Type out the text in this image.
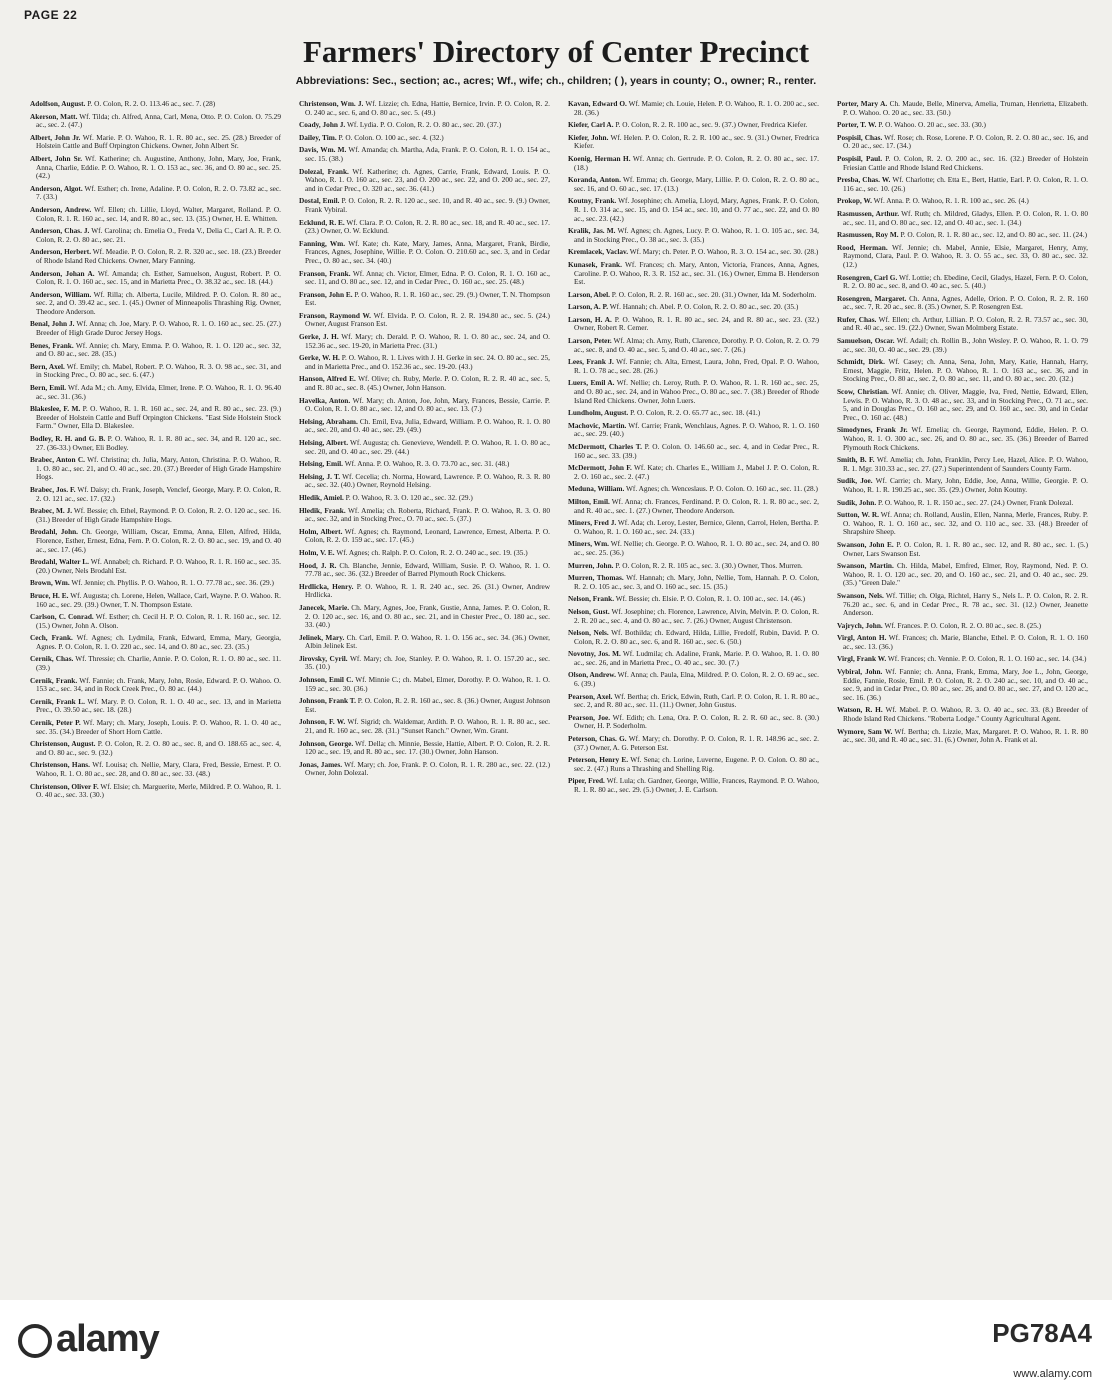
PAGE 22
Farmers' Directory of Center Precinct
Abbreviations: Sec., section; ac., acres; Wf., wife; ch., children; ( ), years in county; O., owner; R., renter.

Adolfson, August. P. O. Colon, R. 2. O. 113.46 ac., sec. 7. (28)

Akerson, Matt. Wf. Tilda; ch. Alfred, Anna, Carl, Mena, Otto. P. O. Colon. O. 75.29 ac., sec. 2. (47.)

Albert, John Jr. Wf. Marie. P. O. Wahoo, R. 1. R. 80 ac., sec. 25. (28.) Breeder of Holstein Cattle and Buff Orpington Chickens. Owner, John Albert Sr.

Albert, John Sr. Wf. Katherine; ch. Augustine, Anthony, John, Mary, Joe, Frank, Anna, Charlie, Eddie. P. O. Wahoo, R. 1. O. 153 ac., sec. 36, and O. 80 ac., sec. 25. (42.)

Anderson, Algot. Wf. Esther; ch. Irene, Adaline. P. O. Colon, R. 2. O. 73.82 ac., sec. 7. (33.)

Anderson, Andrew. Wf. Ellen; ch. Lillie, Lloyd, Walter, Margaret, Rolland. P. O. Colon, R. 1. R. 160 ac., sec. 14, and R. 80 ac., sec. 13. (35.) Owner, H. E. Whitten.

Anderson, Chas. J. Wf. Carolina; ch. Emelia O., Freda V., Delia C., Carl A. R. P. O. Colon, R. 2. O. 80 ac., sec. 21.

Anderson, Herbert. Wf. Meadie. P. O. Colon, R. 2. R. 320 ac., sec. 18. (23.) Breeder of Rhode Island Red Chickens. Owner, Mary Fanning.

Anderson, Johan A. Wf. Amanda; ch. Esther, Samuelson, August, Robert. P. O. Colon, R. 1. O. 160 ac., sec. 15, and in Marietta Prec., O. 38.32 ac., sec. 18. (44.)

Anderson, William. Wf. Rilla; ch. Alberta, Lucile, Mildred. P. O. Colon. R. 80 ac., sec. 2, and O. 39.42 ac., sec. 1. (45.) Owner of Minneapolis Thrashing Rig. Owner, Theodore Anderson.

Benal, John J. Wf. Anna; ch. Joe, Mary. P. O. Wahoo, R. 1. O. 160 ac., sec. 25. (27.) Breeder of High Grade Duroc Jersey Hogs.

Benes, Frank. Wf. Annie; ch. Mary, Emma. P. O. Wahoo, R. 1. O. 120 ac., sec. 32, and O. 80 ac., sec. 28. (35.)

Bern, Axel. Wf. Emily; ch. Mabel, Robert. P. O. Wahoo, R. 3. O. 98 ac., sec. 31, and in Stocking Prec., O. 80 ac., sec. 6. (47.)

Bern, Emil. Wf. Ada M.; ch. Amy, Elvida, Elmer, Irene. P. O. Wahoo, R. 1. O. 96.40 ac., sec. 31. (36.)

Blakeslee, F. M. P. O. Wahoo, R. 1. R. 160 ac., sec. 24, and R. 80 ac., sec. 23. (9.) Breeder of Holstein Cattle and Buff Orpington Chickens. "East Side Holstein Stock Farm." Owner, Ella D. Blakeslee.

Bodley, R. H. and G. B. P. O. Wahoo, R. 1. R. 80 ac., sec. 34, and R. 120 ac., sec. 27. (36-33.) Owner, Eli Bodley.

Brabec, Anton C. Wf. Christina; ch. Julia, Mary, Anton, Christina. P. O. Wahoo, R. 1. O. 80 ac., sec. 21, and O. 40 ac., sec. 20. (37.) Breeder of High Grade Hampshire Hogs.

Brabec, Jos. F. Wf. Daisy; ch. Frank, Joseph, Venclef, George, Mary. P. O. Colon, R. 2. O. 121 ac., sec. 17. (32.)

Brabec, M. J. Wf. Bessie; ch. Ethel, Raymond. P. O. Colon, R. 2. O. 120 ac., sec. 16. (31.) Breeder of High Grade Hampshire Hogs.

Brodahl, John. Ch. George, William, Oscar, Emma, Anna, Ellen, Alfred, Hilda, Florence, Esther, Ernest, Edna, Fern. P. O. Colon, R. 2. O. 80 ac., sec. 19, and O. 40 ac., sec. 17. (46.)

Brodahl, Walter L. Wf. Annabel; ch. Richard. P. O. Wahoo, R. 1. R. 160 ac., sec. 35. (20.) Owner, Nels Brodahl Est.

Brown, Wm. Wf. Jennie; ch. Phyllis. P. O. Wahoo, R. 1. O. 77.78 ac., sec. 36. (29.)

Bruce, H. E. Wf. Augusta; ch. Lorene, Helen, Wallace, Carl, Wayne. P. O. Wahoo. R. 160 ac., sec. 29. (39.) Owner, T. N. Thompson Estate.

Carlson, C. Conrad. Wf. Esther; ch. Cecil H. P. O. Colon, R. 1. R. 160 ac., sec. 12. (15.) Owner, John A. Olson.

Cech, Frank. Wf. Agnes; ch. Lydmila, Frank, Edward, Emma, Mary, Georgia, Agnes. P. O. Colon, R. 1. O. 220 ac., sec. 14, and O. 80 ac., sec. 23. (35.)

Cernik, Chas. Wf. Thressie; ch. Charlie, Annie. P. O. Colon, R. 1. O. 80 ac., sec. 11. (39.)

Cernik, Frank. Wf. Fannie; ch. Frank, Mary, John, Rosie, Edward. P. O. Wahoo. O. 153 ac., sec. 34, and in Rock Creek Prec., O. 80 ac. (44.)

Cernik, Frank L. Wf. Mary. P. O. Colon, R. 1. O. 40 ac., sec. 13, and in Marietta Prec., O. 39.50 ac., sec. 18. (28.)

Cernik, Peter P. Wf. Mary; ch. Mary, Joseph, Louis. P. O. Wahoo, R. 1. O. 40 ac., sec. 35. (34.) Breeder of Short Horn Cattle.

Christenson, August. P. O. Colon, R. 2. O. 80 ac., sec. 8, and O. 188.65 ac., sec. 4, and O. 80 ac., sec. 9. (32.)

Christenson, Hans. Wf. Louisa; ch. Nellie, Mary, Clara, Fred, Bessie, Ernest. P. O. Wahoo, R. 1. O. 80 ac., sec. 28, and O. 80 ac., sec. 33. (48.)

Christenson, Oliver F. Wf. Elsie; ch. Marguerite, Merle, Mildred. P. O. Wahoo, R. 1. O. 40 ac., sec. 33. (30.)

Christenson, Wm. J. Wf. Lizzie; ch. Edna, Hattie, Bernice, Irvin. P. O. Colon, R. 2. O. 240 ac., sec. 6, and O. 80 ac., sec. 5. (49.)

Coady, John J. Wf. Lydia. P. O. Colon, R. 2. O. 80 ac., sec. 20. (37.)

Dailey, Tim. P. O. Colon. O. 100 ac., sec. 4. (32.)

Davis, Wm. M. Wf. Amanda; ch. Martha, Ada, Frank. P. O. Colon, R. 1. O. 154 ac., sec. 15. (38.)

Dolezal, Frank. Wf. Katherine; ch. Agnes, Carrie, Frank, Edward, Louis. P. O. Wahoo, R. 1. O. 160 ac., sec. 23, and O. 200 ac., sec. 22, and O. 200 ac., sec. 27, and in Cedar Prec., O. 320 ac., sec. 36. (41.)

Dostal, Emil. P. O. Colon, R. 2. R. 120 ac., sec. 10, and R. 40 ac., sec. 9. (9.) Owner, Frank Vybiral.

Ecklund, R. E. Wf. Clara. P. O. Colon, R. 2. R. 80 ac., sec. 18, and R. 40 ac., sec. 17. (23.) Owner, O. W. Ecklund.

Fanning, Wm. Wf. Kate; ch. Kate, Mary, James, Anna, Margaret, Frank, Birdie, Frances, Agnes, Josephine, Willie. P. O. Colon. O. 210.60 ac., sec. 3, and in Cedar Prec., O. 80 ac., sec. 34. (40.)

Franson, Frank. Wf. Anna; ch. Victor, Elmer, Edna. P. O. Colon, R. 1. O. 160 ac., sec. 11, and O. 80 ac., sec. 12, and in Cedar Prec., O. 160 ac., sec. 25. (48.)

Franson, John E. P. O. Wahoo, R. 1. R. 160 ac., sec. 29. (9.) Owner, T. N. Thompson Est.

Franson, Raymond W. Wf. Elvida. P. O. Colon, R. 2. R. 194.80 ac., sec. 5. (24.) Owner, August Franson Est.

Gerke, J. H. Wf. Mary; ch. Derald. P. O. Wahoo, R. 1. O. 80 ac., sec. 24, and O. 152.36 ac., sec. 19-20, in Marietta Prec. (31.)

Gerke, W. H. P. O. Wahoo, R. 1. Lives with J. H. Gerke in sec. 24. O. 80 ac., sec. 25, and in Marietta Prec., and O. 152.36 ac., sec. 19-20. (43.)

Hanson, Alfred E. Wf. Olive; ch. Ruby, Merle. P. O. Colon, R. 2. R. 40 ac., sec. 5, and R. 80 ac., sec. 8. (45.) Owner, John Hanson.

Havelka, Anton. Wf. Mary; ch. Anton, Joe, John, Mary, Frances, Bessie, Carrie. P. O. Colon, R. 1. O. 80 ac., sec. 12, and O. 80 ac., sec. 13. (7.)

Helsing, Abraham. Ch. Emil, Eva, Julia, Edward, William. P. O. Wahoo, R. 1. O. 80 ac., sec. 20, and O. 40 ac., sec. 29. (49.)

Helsing, Albert. Wf. Augusta; ch. Genevieve, Wendell. P. O. Wahoo, R. 1. O. 80 ac., sec. 20, and O. 40 ac., sec. 29. (44.)

Helsing, Emil. Wf. Anna. P. O. Wahoo, R. 3. O. 73.70 ac., sec. 31. (48.)

Helsing, J. T. Wf. Cecelia; ch. Norma, Howard, Lawrence. P. O. Wahoo, R. 3. R. 80 ac., sec. 32. (40.) Owner, Reynold Helsing.

Hledik, Amiel. P. O. Wahoo, R. 3. O. 120 ac., sec. 32. (29.)

Hledik, Frank. Wf. Amelia; ch. Roberta, Richard, Frank. P. O. Wahoo, R. 3. O. 80 ac., sec. 32, and in Stocking Prec., O. 70 ac., sec. 5. (37.)

Holm, Albert. Wf. Agnes; ch. Raymond, Leonard, Lawrence, Ernest, Alberta. P. O. Colon, R. 2. O. 159 ac., sec. 17. (45.)

Holm, V. E. Wf. Agnes; ch. Ralph. P. O. Colon, R. 2. O. 240 ac., sec. 19. (35.)

Hood, J. R. Ch. Blanche, Jennie, Edward, William, Susie. P. O. Wahoo, R. 1. O. 77.78 ac., sec. 36. (32.) Breeder of Barred Plymouth Rock Chickens.

Hrdlicka, Henry. P. O. Wahoo, R. 1. R. 240 ac., sec. 26. (31.) Owner, Andrew Hrdlicka.

Janecek, Marie. Ch. Mary, Agnes, Joe, Frank, Gustie, Anna, James. P. O. Colon, R. 2. O. 120 ac., sec. 16, and O. 80 ac., sec. 21, and in Chester Prec., O. 180 ac., sec. 33. (40.)

Jelinek, Mary. Ch. Carl, Emil. P. O. Wahoo, R. 1. O. 156 ac., sec. 34. (36.) Owner, Albin Jelinek Est.

Jirovsky, Cyril. Wf. Mary; ch. Joe, Stanley. P. O. Wahoo, R. 1. O. 157.20 ac., sec. 35. (10.)

Johnson, Emil C. Wf. Minnie C.; ch. Mabel, Elmer, Dorothy. P. O. Wahoo, R. 1. O. 159 ac., sec. 30. (36.)

Johnson, Frank T. P. O. Colon, R. 2. R. 160 ac., sec. 8. (36.) Owner, August Johnson Est.

Johnson, F. W. Wf. Sigrid; ch. Waldemar, Ardith. P. O. Wahoo, R. 1. R. 80 ac., sec. 21, and R. 160 ac., sec. 28. (31.) "Sunset Ranch." Owner, Wm. Grant.

Johnson, George. Wf. Della; ch. Minnie, Bessie, Hattie, Albert. P. O. Colon, R. 2. R. 120 ac., sec. 19, and R. 80 ac., sec. 17. (30.) Owner, John Hanson.

Jonas, James. Wf. Mary; ch. Joe, Frank. P. O. Colon, R. 1. R. 280 ac., sec. 22. (12.) Owner, John Dolezal.

Kavan, Edward O. Wf. Mamie; ch. Louie, Helen. P. O. Wahoo, R. 1. O. 200 ac., sec. 28. (36.)

Kiefer, Carl A. P. O. Colon, R. 2. R. 100 ac., sec. 9. (37.) Owner, Fredrica Kiefer.

Kiefer, John. Wf. Helen. P. O. Colon, R. 2. R. 100 ac., sec. 9. (31.) Owner, Fredrica Kiefer.

Koenig, Herman H. Wf. Anna; ch. Gertrude. P. O. Colon, R. 2. O. 80 ac., sec. 17. (18.)

Koranda, Anton. Wf. Emma; ch. George, Mary, Lillie. P. O. Colon, R. 2. O. 80 ac., sec. 16, and O. 60 ac., sec. 17. (13.)

Koutny, Frank. Wf. Josephine; ch. Amelia, Lloyd, Mary, Agnes, Frank. P. O. Colon, R. 1. O. 314 ac., sec. 15, and O. 154 ac., sec. 10, and O. 77 ac., sec. 22, and O. 80 ac., sec. 23. (42.)

Kralik, Jas. M. Wf. Agnes; ch. Agnes, Lucy. P. O. Wahoo, R. 1. O. 105 ac., sec. 34, and in Stocking Prec., O. 38 ac., sec. 3. (35.)

Kremlacek, Vaclav. Wf. Mary; ch. Peter. P. O. Wahoo, R. 3. O. 154 ac., sec. 30. (28.)

Kunasek, Frank. Wf. Frances; ch. Mary, Anton, Victoria, Frances, Anna, Agnes, Caroline. P. O. Wahoo, R. 3. R. 152 ac., sec. 31. (16.) Owner, Emma B. Henderson Est.

Larson, Abel. P. O. Colon, R. 2. R. 160 ac., sec. 20. (31.) Owner, Ida M. Soderholm.

Larson, A. P. Wf. Hannah; ch. Abel. P. O. Colon, R. 2. O. 80 ac., sec. 20. (35.)

Larson, H. A. P. O. Wahoo, R. 1. R. 80 ac., sec. 24, and R. 80 ac., sec. 23. (32.) Owner, Robert R. Cemer.

Larson, Peter. Wf. Alma; ch. Amy, Ruth, Clarence, Dorothy. P. O. Colon, R. 2. O. 79 ac., sec. 8, and O. 40 ac., sec. 5, and O. 40 ac., sec. 7. (26.)

Lees, Frank J. Wf. Fannie; ch. Alta, Ernest, Laura, John, Fred, Opal. P. O. Wahoo, R. 1. O. 78 ac., sec. 28. (26.)

Luers, Emil A. Wf. Nellie; ch. Leroy, Ruth. P. O. Wahoo, R. 1. R. 160 ac., sec. 25, and O. 80 ac., sec. 24, and in Wahoo Prec., O. 80 ac., sec. 7. (38.) Breeder of Rhode Island Red Chickens. Owner, John Luers.

Lundholm, August. P. O. Colon, R. 2. O. 65.77 ac., sec. 18. (41.)

Machovic, Martin. Wf. Carrie; Frank, Wenchlaus, Agnes. P. O. Wahoo, R. 1. O. 160 ac., sec. 29. (40.)

McDermott, Charles T. P. O. Colon. O. 146.60 ac., sec. 4, and in Cedar Prec., R. 160 ac., sec. 33. (39.)

McDermott, John F. Wf. Kate; ch. Charles E., William J., Mabel J. P. O. Colon, R. 2. O. 160 ac., sec. 2. (47.)

Meduna, William. Wf. Agnes; ch. Wenceslaus. P. O. Colon. O. 160 ac., sec. 11. (28.)

Milton, Emil. Wf. Anna; ch. Frances, Ferdinand. P. O. Colon, R. 1. R. 80 ac., sec. 2, and R. 40 ac., sec. 1. (27.) Owner, Theodore Anderson.

Miners, Fred J. Wf. Ada; ch. Leroy, Lester, Bernice, Glenn, Carrol, Helen, Bertha. P. O. Wahoo, R. 1. O. 160 ac., sec. 24. (33.)

Miners, Wm. Wf. Nellie; ch. George. P. O. Wahoo, R. 1. O. 80 ac., sec. 24, and O. 80 ac., sec. 25. (36.)

Murren, John. P. O. Colon, R. 2. R. 105 ac., sec. 3. (30.) Owner, Thos. Murren.

Murren, Thomas. Wf. Hannah; ch. Mary, John, Nellie, Tom, Hannah. P. O. Colon, R. 2. O. 105 ac., sec. 3, and O. 160 ac., sec. 15. (35.)

Nelson, Frank. Wf. Bessie; ch. Elsie. P. O. Colon, R. 1. O. 100 ac., sec. 14. (46.)

Nelson, Gust. Wf. Josephine; ch. Florence, Lawrence, Alvin, Melvin. P. O. Colon, R. 2. R. 20 ac., sec. 4, and O. 80 ac., sec. 7. (26.) Owner, August Christenson.

Nelson, Nels. Wf. Bothilda; ch. Edward, Hilda, Lillie, Fredolf, Rubin, David. P. O. Colon, R. 2. O. 80 ac., sec. 6, and R. 160 ac., sec. 6. (50.)

Novotny, Jos. M. Wf. Ludmila; ch. Adaline, Frank, Marie. P. O. Wahoo, R. 1. O. 80 ac., sec. 26, and in Marietta Prec., O. 40 ac., sec. 30. (7.)

Olson, Andrew. Wf. Anna; ch. Paula, Elna, Mildred. P. O. Colon, R. 2. O. 69 ac., sec. 6. (39.)

Pearson, Axel. Wf. Bertha; ch. Erick, Edwin, Ruth, Carl. P. O. Colon, R. 1. R. 80 ac., sec. 2, and R. 80 ac., sec. 11. (11.) Owner, John Gustus.

Pearson, Joe. Wf. Edith; ch. Lena, Ora. P. O. Colon, R. 2. R. 60 ac., sec. 8. (30.) Owner, H. P. Soderholm.

Peterson, Chas. G. Wf. Mary; ch. Dorothy. P. O. Colon, R. 1. R. 148.96 ac., sec. 2. (37.) Owner, A. G. Peterson Est.

Peterson, Henry E. Wf. Sena; ch. Lorine, Luverne, Eugene. P. O. Colon. O. 80 ac., sec. 2. (47.) Runs a Thrashing and Shelling Rig.

Piper, Fred. Wf. Lula; ch. Gardner, George, Willie, Frances, Raymond. P. O. Wahoo, R. 1. R. 80 ac., sec. 29. (5.) Owner, J. E. Carlson.

Porter, Mary A. Ch. Maude, Belle, Minerva, Amelia, Truman, Henrietta, Elizabeth. P. O. Wahoo. O. 20 ac., sec. 33. (50.)

Porter, T. W. P. O. Wahoo. O. 20 ac., sec. 33. (30.)

Pospisil, Chas. Wf. Rose; ch. Rose, Lorene. P. O. Colon, R. 2. O. 80 ac., sec. 16, and O. 20 ac., sec. 17. (34.)

Pospisil, Paul. P. O. Colon, R. 2. O. 200 ac., sec. 16. (32.) Breeder of Holstein Friesian Cattle and Rhode Island Red Chickens.

Presba, Chas. W. Wf. Charlotte; ch. Etta E., Bert, Hattie, Earl. P. O. Colon, R. 1. O. 116 ac., sec. 10. (26.)

Prokop, W. Wf. Anna. P. O. Wahoo, R. 1. R. 100 ac., sec. 26. (4.)

Rasmussen, Arthur. Wf. Ruth; ch. Mildred, Gladys, Ellen. P. O. Colon, R. 1. O. 80 ac., sec. 11, and O. 80 ac., sec. 12, and O. 40 ac., sec. 1. (34.)

Rasmussen, Roy M. P. O. Colon, R. 1. R. 80 ac., sec. 12, and O. 80 ac., sec. 11. (24.)

Rood, Herman. Wf. Jennie; ch. Mabel, Annie, Elsie, Margaret, Henry, Amy, Raymond, Clara, Paul. P. O. Wahoo, R. 3. O. 55 ac., sec. 33, O. 80 ac., sec. 32. (12.)

Rosengren, Carl G. Wf. Lottie; ch. Ebedine, Cecil, Gladys, Hazel, Fern. P. O. Colon, R. 2. O. 80 ac., sec. 8, and O. 40 ac., sec. 5. (40.)

Rosengren, Margaret. Ch. Anna, Agnes, Adelle, Orion. P. O. Colon, R. 2. R. 160 ac., sec. 7, R. 20 ac., sec. 8. (35.) Owner, S. P. Rosengren Est.

Rufer, Chas. Wf. Ellen; ch. Arthur, Lillian. P. O. Colon, R. 2. R. 73.57 ac., sec. 30, and R. 40 ac., sec. 19. (22.) Owner, Swan Molmberg Estate.

Samuelson, Oscar. Wf. Adail; ch. Rollin B., John Wesley. P. O. Wahoo, R. 1. O. 79 ac., sec. 30, O. 40 ac., sec. 29. (39.)

Schmidt, Dirk. Wf. Casey; ch. Anna, Sena, John, Mary, Katie, Hannah, Harry, Ernest, Maggie, Fritz, Helen. P. O. Wahoo, R. 1. O. 163 ac., sec. 36, and in Stocking Prec., O. 80 ac., sec. 2, O. 80 ac., sec. 11, and O. 80 ac., sec. 20. (32.)

Scow, Christian. Wf. Annie; ch. Oliver, Maggie, Iva, Fred, Nettie, Edward, Ellen, Lewis. P. O. Wahoo, R. 3. O. 48 ac., sec. 33, and in Stocking Prec., O. 71 ac., sec. 5, and in Douglas Prec., O. 160 ac., sec. 29, and O. 160 ac., sec. 30, and in Cedar Prec., O. 160 ac. (48.)

Simodynes, Frank Jr. Wf. Emelia; ch. George, Raymond, Eddie, Helen. P. O. Wahoo, R. 1. O. 300 ac., sec. 26, and O. 80 ac., sec. 35. (36.) Breeder of Barred Plymouth Rock Chickens.

Smith, B. F. Wf. Amelia; ch. John, Franklin, Percy Lee, Hazel, Alice. P. O. Wahoo, R. 1. Mgr. 310.33 ac., sec. 27. (27.) Superintendent of Saunders County Farm.

Sudik, Joe. Wf. Carrie; ch. Mary, John, Eddie, Joe, Anna, Willie, Georgie. P. O. Wahoo, R. 1. R. 190.25 ac., sec. 35. (29.) Owner, John Koutny.

Sudik, John. P. O. Wahoo, R. 1. R. 150 ac., sec. 27. (24.) Owner, Frank Dolezal.

Sutton, W. R. Wf. Anna; ch. Rolland, Auslin, Ellen, Nanna, Merle, Frances, Ruby. P. O. Wahoo, R. 1. O. 160 ac., sec. 32, and O. 110 ac., sec. 33. (48.) Breeder of Shrapshire Sheep.

Swanson, John E. P. O. Colon, R. 1. R. 80 ac., sec. 12, and R. 80 ac., sec. 1. (5.) Owner, Lars Swanson Est.

Swanson, Martin. Ch. Hilda, Mabel, Emfred, Elmer, Roy, Raymond, Ned. P. O. Wahoo, R. 1. O. 120 ac., sec. 20, and O. 160 ac., sec. 21, and O. 40 ac., sec. 29. (35.) "Green Dale."

Swanson, Nels. Wf. Tillie; ch. Olga, Richtel, Harry S., Nels L. P. O. Colon, R. 2. R. 76.20 ac., sec. 6, and in Cedar Prec., R. 78 ac., sec. 31. (12.) Owner, Jeanette Anderson.

Vajrych, John. Wf. Frances. P. O. Colon, R. 2. O. 80 ac., sec. 8. (25.)

Virgl, Anton H. Wf. Frances; ch. Marie, Blanche, Ethel. P. O. Colon, R. 1. O. 160 ac., sec. 13. (36.)

Virgl, Frank W. Wf. Frances; ch. Vennie. P. O. Colon, R. 1. O. 160 ac., sec. 14. (34.)

Vybiral, John. Wf. Fannie; ch. Anna, Frank, Emma, Mary, Joe L., John, George, Eddie, Fannie, Rosie, Emil. P. O. Colon, R. 2. O. 240 ac., sec. 10, and O. 40 ac., sec. 9, and in Cedar Prec., O. 80 ac., sec. 26, and O. 80 ac., sec. 27, and O. 120 ac., sec. 16. (36.)

Watson, R. H. Wf. Mabel. P. O. Wahoo, R. 3. O. 40 ac., sec. 33. (8.) Breeder of Rhode Island Red Chickens. "Roberta Lodge." County Agricultural Agent.

Wymore, Sam W. Wf. Bertha; ch. Lizzie, Max, Margaret. P. O. Wahoo, R. 1. R. 80 ac., sec. 30, and R. 40 ac., sec. 31. (6.) Owner, John A. Frank et al.

alamy	PG78A4
www.alamy.com
